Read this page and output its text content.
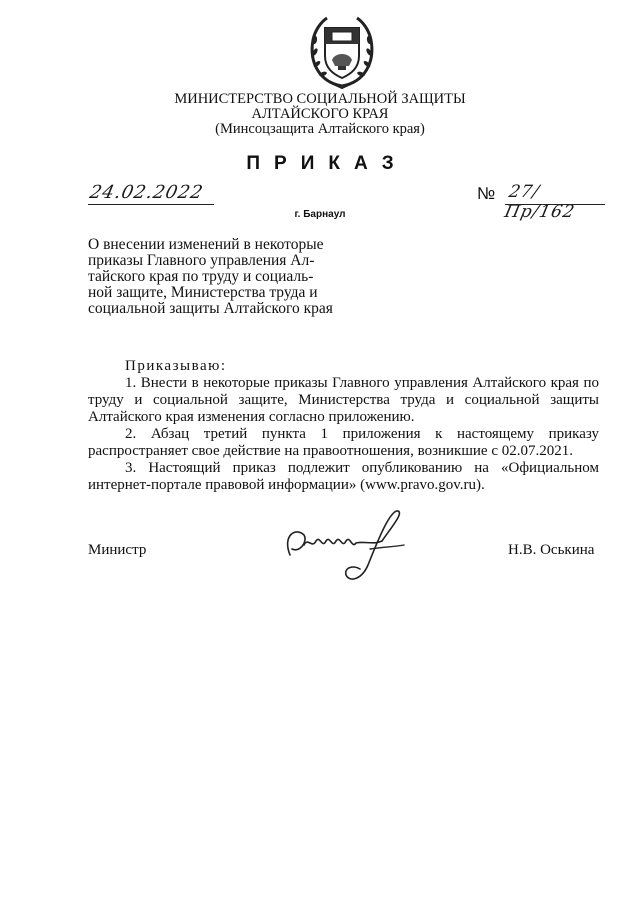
МИНИСТЕРСТВО СОЦИАЛЬНОЙ ЗАЩИТЫ
АЛТАЙСКОГО КРАЯ
(Минсоцзащита Алтайского края)
ПРИКАЗ
24.02.2022	№ 27/Пр/162
г. Барнаул
О внесении изменений в некоторые
приказы Главного управления Ал-
тайского края по труду и социаль-
ной защите, Министерства труда и
социальной защиты Алтайского края
Приказываю:

1. Внести в некоторые приказы Главного управления Алтайского края по труду и социальной защите, Министерства труда и социальной защиты Алтайского края изменения согласно приложению.

2. Абзац третий пункта 1 приложения к настоящему приказу распространяет свое действие на правоотношения, возникшие с 02.07.2021.

3. Настоящий приказ подлежит опубликованию на «Официальном интернет-портале правовой информации» (www.pravo.gov.ru).

Министр	Н.В. Оськина
